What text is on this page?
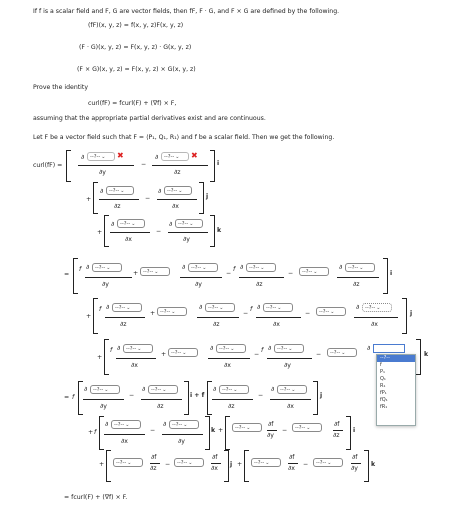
If f is a scalar field and F, G are vector fields, then fF, F · G, and F × G are defined by the following.
(fF)(x, y, z) = f(x, y, z)F(x, y, z)
(F · G)(x, y, z) = F(x, y, z) · G(x, y, z)
(F × G)(x, y, z) = F(x, y, z) × G(x, y, z)
Prove the identity
curl(fF) = fcurl(F) + (∇f) × F,
assuming that the appropriate partial derivatives exist and are continuous.
Let F be a vector field such that F = ⟨P₁, Q₁, R₁⟩ and f be a scalar field. Then we get the following.
curl(fF) =
∂	--?--⌄	✖
∂y
−
∂	--?--⌄	✖
∂z
i
+
∂	--?--⌄
∂z
−
∂	--?--⌄
∂x
j
+
∂	--?--⌄
∂x
−
∂	--?--⌄
∂y
k
=
f ∂	--?--⌄
∂y
+ --?--⌄
∂	--?--⌄
∂y
−
f ∂	--?--⌄
∂z
−	--?--⌄
∂	--?--⌄
∂z
i
+
f ∂	--?--⌄
∂z
+ --?--⌄
∂	--?--⌄
∂z
−
f ∂	--?--⌄
∂x
−	--?--⌄
∂	--?--⌄
∂x
j
+
f ∂	--?--⌄
∂x
+ --?--⌄
∂	--?--⌄
∂x
−
f ∂	--?--⌄
∂y
−	--?--⌄
∂
k
--?--
f
P₁
Q₁
R₁
fP₁
fQ₁
fR₁
= f
∂	--?--⌄
∂y
−
∂	--?--⌄
∂z
i + f
∂	--?--⌄
∂z
−
∂	--?--⌄
∂x
j
+ f
∂	--?--⌄
∂x
−
∂	--?--⌄
∂y
k +	--?--⌄	∂f
∂y
−	--?--⌄	∂f
∂z
i
+	--?--⌄
∂f
∂z
−	--?--⌄
∂f
∂x
j +	--?--⌄
∂f
∂x
−	--?--⌄
∂f
∂y
k
= fcurl(F) + (∇f) × F.
